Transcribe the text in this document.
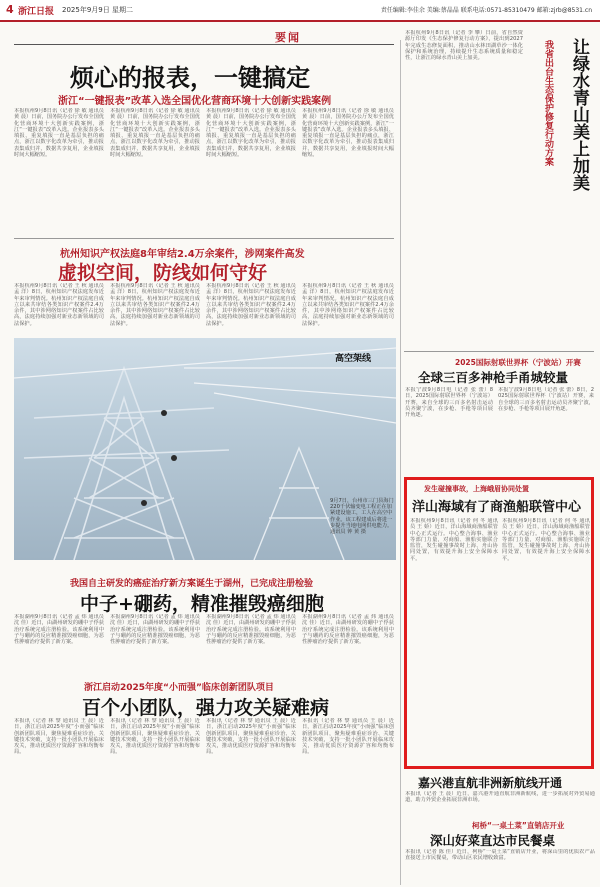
4 浙江日报 2025年9月9日 星期二	责任编辑:李佳余 美编:蔡晶晶 联系电话:0571-85310479 邮箱:zjrb@8531.cn
要闻
烦心的报表，一键搞定
浙江“一键报表”改革入选全国优化营商环境十大创新实践案例
本报杭州9月8日讯（记者 徐 敏 通讯员 黄 晨）日前，国务院办公厅发布全国优化营商环境十大创新实践案例，浙江“一键报表”改革入选。企业报表多头填报、重复填报一直是基层负担的痛点，浙江以数字化改革为牵引，推动报表集成归并、数据共享复用，企业填报时间大幅缩短。
本报杭州9月8日讯（记者 徐 敏 通讯员 黄 晨）日前，国务院办公厅发布全国优化营商环境十大创新实践案例，浙江“一键报表”改革入选。企业报表多头填报、重复填报一直是基层负担的痛点，浙江以数字化改革为牵引，推动报表集成归并、数据共享复用，企业填报时间大幅缩短。
本报杭州9月8日讯（记者 徐 敏 通讯员 黄 晨）日前，国务院办公厅发布全国优化营商环境十大创新实践案例，浙江“一键报表”改革入选。企业报表多头填报、重复填报一直是基层负担的痛点，浙江以数字化改革为牵引，推动报表集成归并、数据共享复用，企业填报时间大幅缩短。
本报杭州9月8日讯（记者 徐 敏 通讯员 黄 晨）日前，国务院办公厅发布全国优化营商环境十大创新实践案例，浙江“一键报表”改革入选。企业报表多头填报、重复填报一直是基层负担的痛点，浙江以数字化改革为牵引，推动报表集成归并、数据共享复用，企业填报时间大幅缩短。
杭州知识产权法庭8年审结2.4万余案件，涉网案件高发
虚拟空间，防线如何守好
本报杭州9月8日讯（记者 王 秋 通讯员 孟 洋）8日，杭州知识产权法庭发布近年来审判情况。杭州知识产权法庭自成立以来共审结各类知识产权案件2.4万余件，其中涉网络知识产权案件占比较高，法庭持续加强对新业态新领域的司法保护。
本报杭州9月8日讯（记者 王 秋 通讯员 孟 洋）8日，杭州知识产权法庭发布近年来审判情况。杭州知识产权法庭自成立以来共审结各类知识产权案件2.4万余件，其中涉网络知识产权案件占比较高，法庭持续加强对新业态新领域的司法保护。
本报杭州9月8日讯（记者 王 秋 通讯员 孟 洋）8日，杭州知识产权法庭发布近年来审判情况。杭州知识产权法庭自成立以来共审结各类知识产权案件2.4万余件，其中涉网络知识产权案件占比较高，法庭持续加强对新业态新领域的司法保护。
本报杭州9月8日讯（记者 王 秋 通讯员 孟 洋）8日，杭州知识产权法庭发布近年来审判情况。杭州知识产权法庭自成立以来共审结各类知识产权案件2.4万余件，其中涉网络知识产权案件占比较高，法庭持续加强对新业态新领域的司法保护。
高空架线
9月7日，台州市三门县海门220千伏输变电工程正在加紧建设施工，工人在高空中作业。该工程建成后将进一步提升当地电网供电能力。通讯员 钟 黄 摄
我国自主研发的癌症治疗新方案诞生于湖州，已完成注册检验
中子+硼药，精准摧毁癌细胞
本报湖州9月8日讯（记者 孟 炜 通讯员 沈 佳）近日，由湖州研发的硼中子俘获治疗系统完成注册检验。该系统利用中子与硼药的反应精准摧毁癌细胞，为恶性肿瘤治疗提供了新方案。
本报湖州9月8日讯（记者 孟 炜 通讯员 沈 佳）近日，由湖州研发的硼中子俘获治疗系统完成注册检验。该系统利用中子与硼药的反应精准摧毁癌细胞，为恶性肿瘤治疗提供了新方案。
本报湖州9月8日讯（记者 孟 炜 通讯员 沈 佳）近日，由湖州研发的硼中子俘获治疗系统完成注册检验。该系统利用中子与硼药的反应精准摧毁癌细胞，为恶性肿瘤治疗提供了新方案。
本报湖州9月8日讯（记者 孟 炜 通讯员 沈 佳）近日，由湖州研发的硼中子俘获治疗系统完成注册检验。该系统利用中子与硼药的反应精准摧毁癌细胞，为恶性肿瘤治疗提供了新方案。
浙江启动2025年度“小而强”临床创新团队项目
百个小团队，强力攻关疑难病
本报讯（记者 林 黎 通讯员 王 晨）近日，浙江启动2025年度“小而强”临床创新团队项目，聚焦疑难重症诊治、关键技术突破，支持一批小团队开展临床攻关，推动优质医疗资源扩容和均衡布局。
本报讯（记者 林 黎 通讯员 王 晨）近日，浙江启动2025年度“小而强”临床创新团队项目，聚焦疑难重症诊治、关键技术突破，支持一批小团队开展临床攻关，推动优质医疗资源扩容和均衡布局。
本报讯（记者 林 黎 通讯员 王 晨）近日，浙江启动2025年度“小而强”临床创新团队项目，聚焦疑难重症诊治、关键技术突破，支持一批小团队开展临床攻关，推动优质医疗资源扩容和均衡布局。
本报讯（记者 林 黎 通讯员 王 晨）近日，浙江启动2025年度“小而强”临床创新团队项目，聚焦疑难重症诊治、关键技术突破，支持一批小团队开展临床攻关，推动优质医疗资源扩容和均衡布局。
本报杭州9月8日讯（记者 李 攀）日前，省自然资源厅印发《生态保护修复行动方案》，提出到2027年完成生态修复面积，推动山水林田湖草沙一体化保护和系统治理，持续提升生态系统质量和稳定性，让浙江的绿水青山美上加美。	让绿水青山美上加美
我省出台生态保护修复行动方案
2025国际射联世界杯（宁波站）开赛
全球三百多神枪手甬城较量
本报宁波9月8日电（记者 张 蕾）8日，2025国际射联世界杯（宁波站）开赛，来自全球的三百多名射击运动员齐聚宁波，在步枪、手枪等项目展开角逐。
本报宁波9月8日电（记者 张 蕾）8日，2025国际射联世界杯（宁波站）开赛，来自全球的三百多名射击运动员齐聚宁波，在步枪、手枪等项目展开角逐。
发生碰撞事故，上海峨眉协同处置
洋山海域有了商渔船联管中心
本报杭州9月8日讯（记者 何 冬 通讯员 王 娇）近日，洋山海域商渔船联管中心正式运行。中心整合海事、渔业等部门力量，对商船、渔船实施联合监管，发生碰撞事故时上海、舟山协同处置，有效提升海上安全保障水平。
本报杭州9月8日讯（记者 何 冬 通讯员 王 娇）近日，洋山海域商渔船联管中心正式运行。中心整合海事、渔业等部门力量，对商船、渔船实施联合监管，发生碰撞事故时上海、舟山协同处置，有效提升海上安全保障水平。
嘉兴港直航非洲新航线开通
本报讯（记者 王 晨）近日，嘉兴港开通直航非洲新航线，进一步拓展对外贸易通道，助力外贸企业拓展非洲市场。
柯桥“一桌土菜”直销店开业
深山好菜直达市民餐桌
本报讯（记者 陈 佳）近日，柯桥“一桌土菜”直销店开业，将深山里的优质农产品直接送上市民餐桌，带动山区农民增收致富。
